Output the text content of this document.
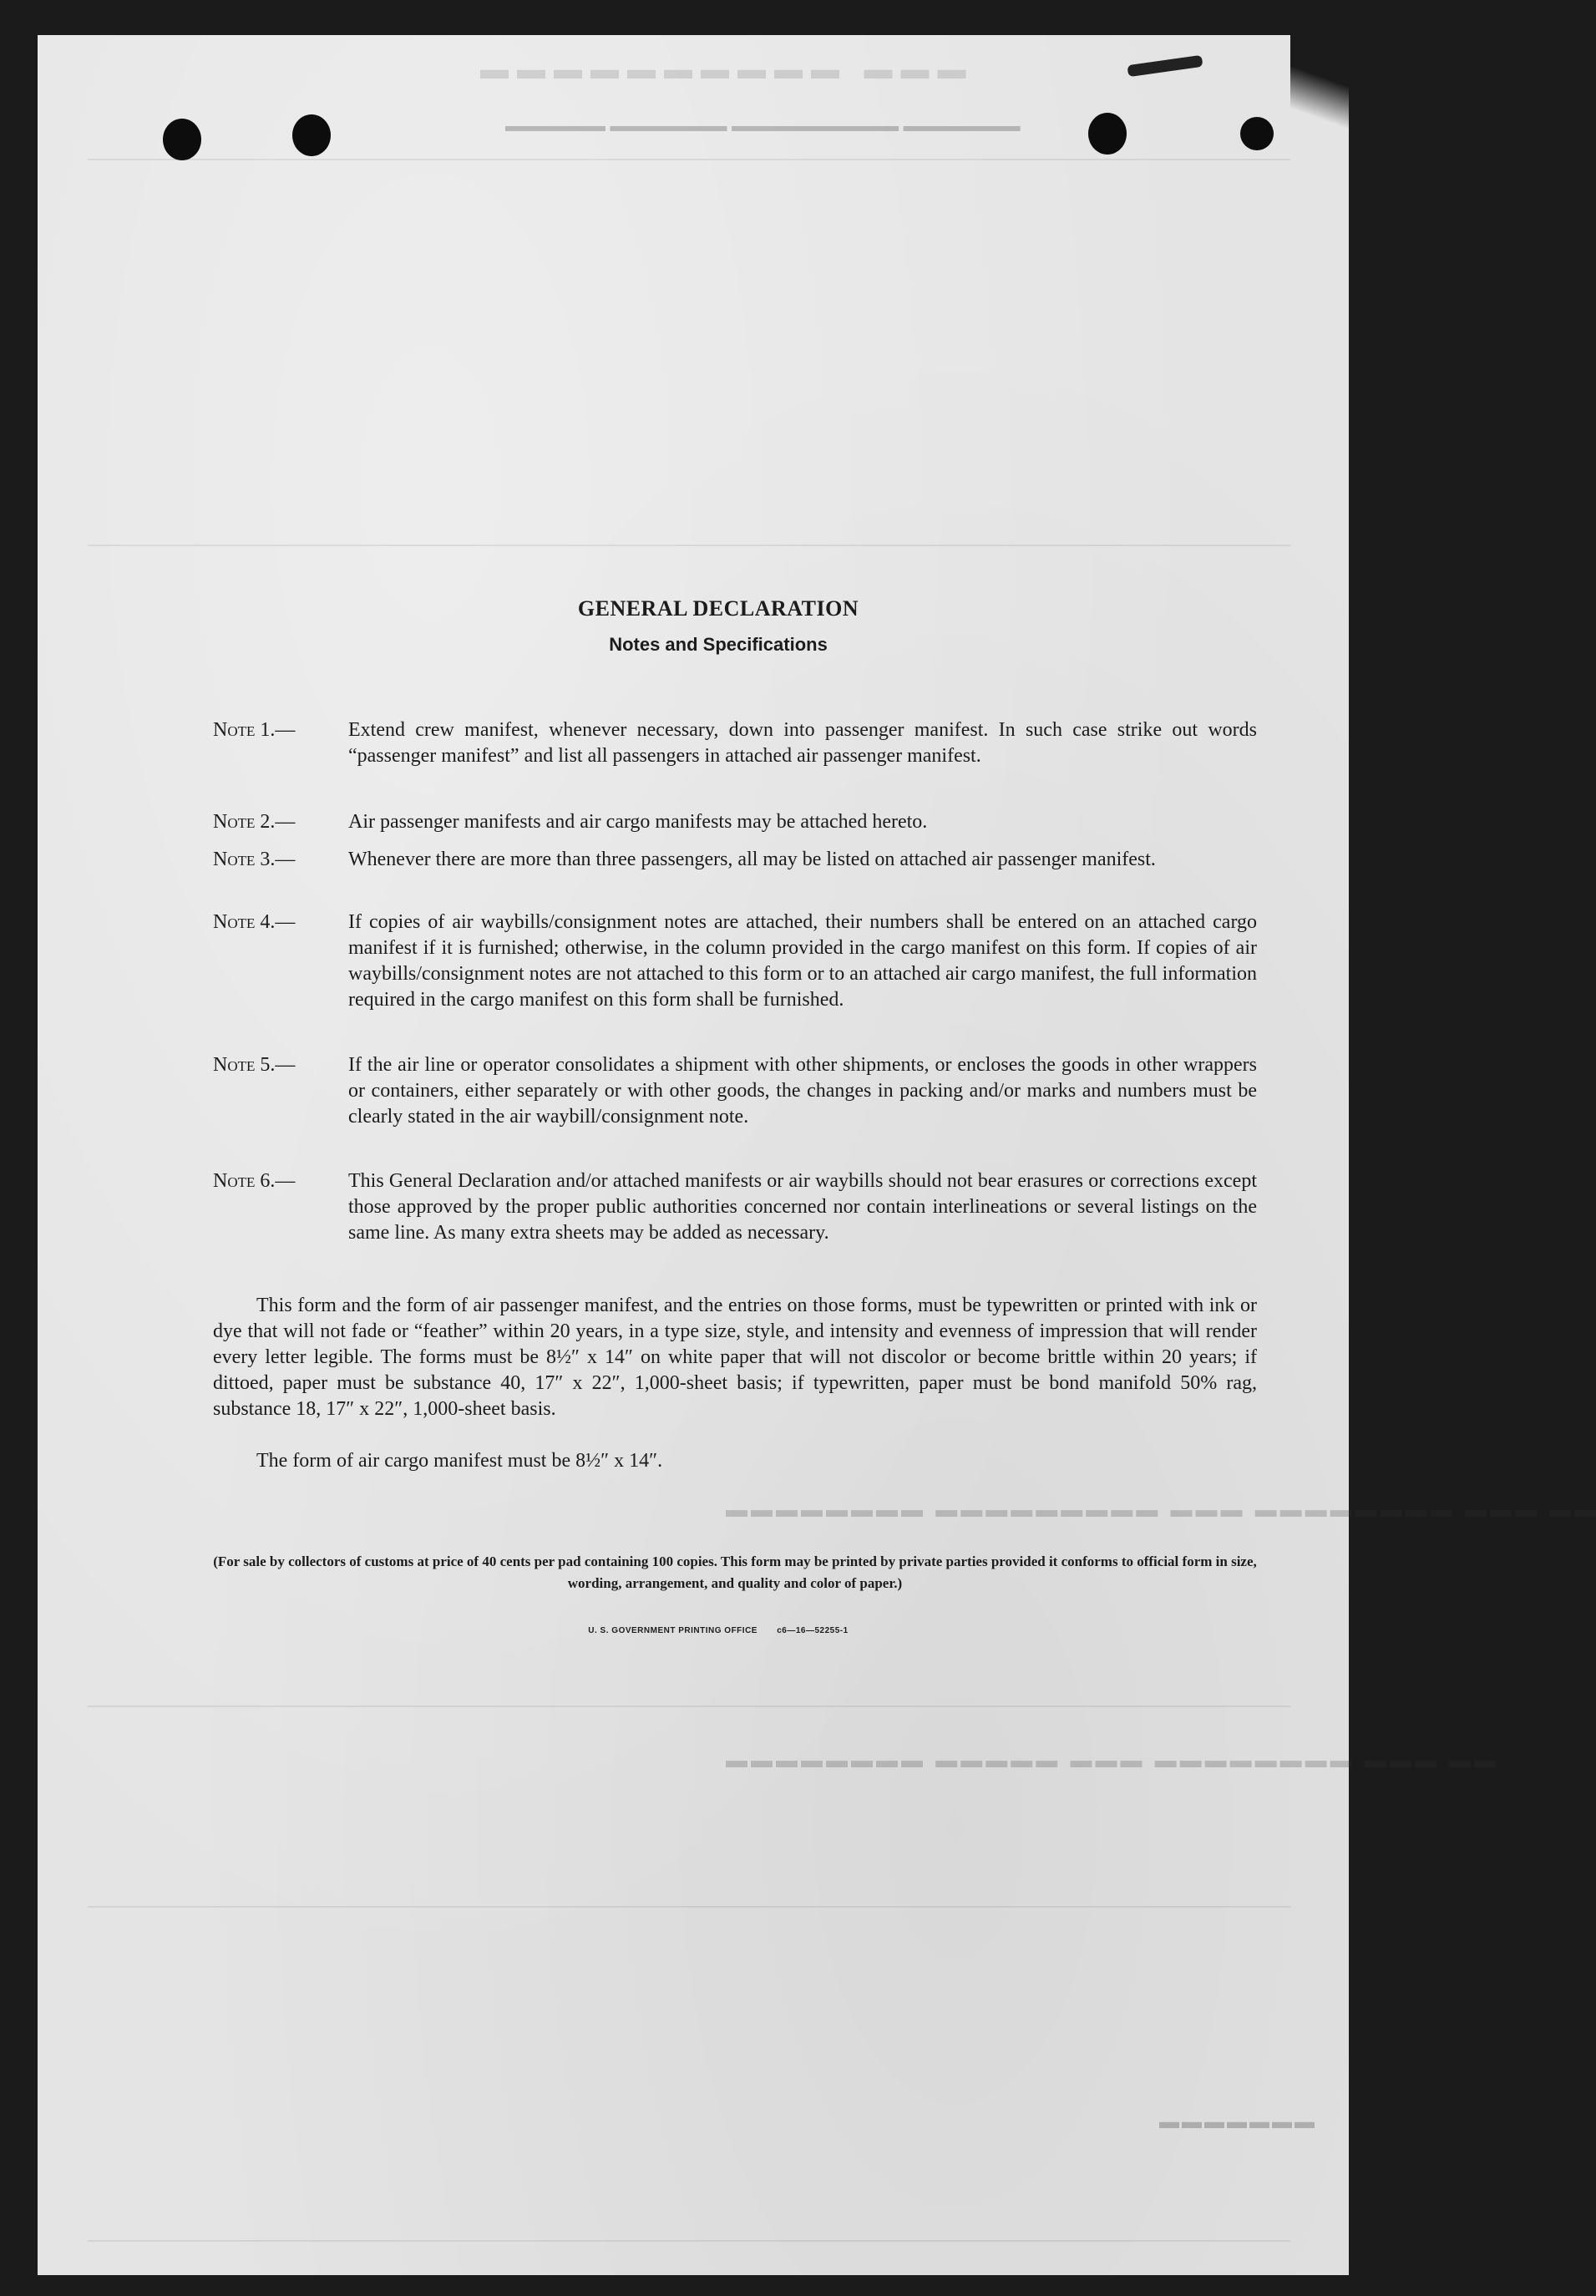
▬▬▬ ▬▬▬▬▬▬▬▬▬▬
▬▬▬▬▬▬▬ ▬▬▬▬▬▬▬▬▬▬ ▬▬▬▬▬▬▬ ▬▬▬▬▬▬
▬▬ ▬▬▬ ▬▬▬▬▬▬▬▬ ▬▬▬ ▬▬▬▬▬▬▬▬▬ ▬▬▬▬▬▬▬▬
▬▬ ▬▬▬ ▬▬▬▬▬▬▬▬ ▬▬▬ ▬▬▬▬▬ ▬▬▬▬▬▬▬▬
▬▬▬▬▬▬▬
GENERAL DECLARATION
Notes and Specifications
Note 1.—	Extend crew manifest, whenever necessary, down into passenger manifest. In such case strike out words “passenger manifest” and list all passengers in attached air passenger manifest.
Note 2.—	Air passenger manifests and air cargo manifests may be attached hereto.
Note 3.—	Whenever there are more than three passengers, all may be listed on attached air passenger manifest.
Note 4.—	If copies of air waybills/consignment notes are attached, their numbers shall be entered on an attached cargo manifest if it is furnished; otherwise, in the column provided in the cargo manifest on this form. If copies of air waybills/consignment notes are not attached to this form or to an attached air cargo manifest, the full information required in the cargo manifest on this form shall be furnished.
Note 5.—	If the air line or operator consolidates a shipment with other shipments, or encloses the goods in other wrappers or containers, either separately or with other goods, the changes in packing and/or marks and numbers must be clearly stated in the air waybill/consignment note.
Note 6.—	This General Declaration and/or attached manifests or air waybills should not bear erasures or corrections except those approved by the proper public authorities concerned nor contain interlineations or several listings on the same line. As many extra sheets may be added as necessary.
This form and the form of air passenger manifest, and the entries on those forms, must be typewritten or printed with ink or dye that will not fade or “feather” within 20 years, in a type size, style, and intensity and evenness of impression that will render every letter legible. The forms must be 8½″ x 14″ on white paper that will not discolor or become brittle within 20 years; if dittoed, paper must be substance 40, 17″ x 22″, 1,000-sheet basis; if typewritten, paper must be bond manifold 50% rag, substance 18, 17″ x 22″, 1,000-sheet basis.
The form of air cargo manifest must be 8½″ x 14″.
(For sale by collectors of customs at price of 40 cents per pad containing 100 copies. This form may be printed by private parties provided it conforms to official form in size, wording, arrangement, and quality and color of paper.)
U. S. GOVERNMENT PRINTING OFFICE c6—16—52255-1
